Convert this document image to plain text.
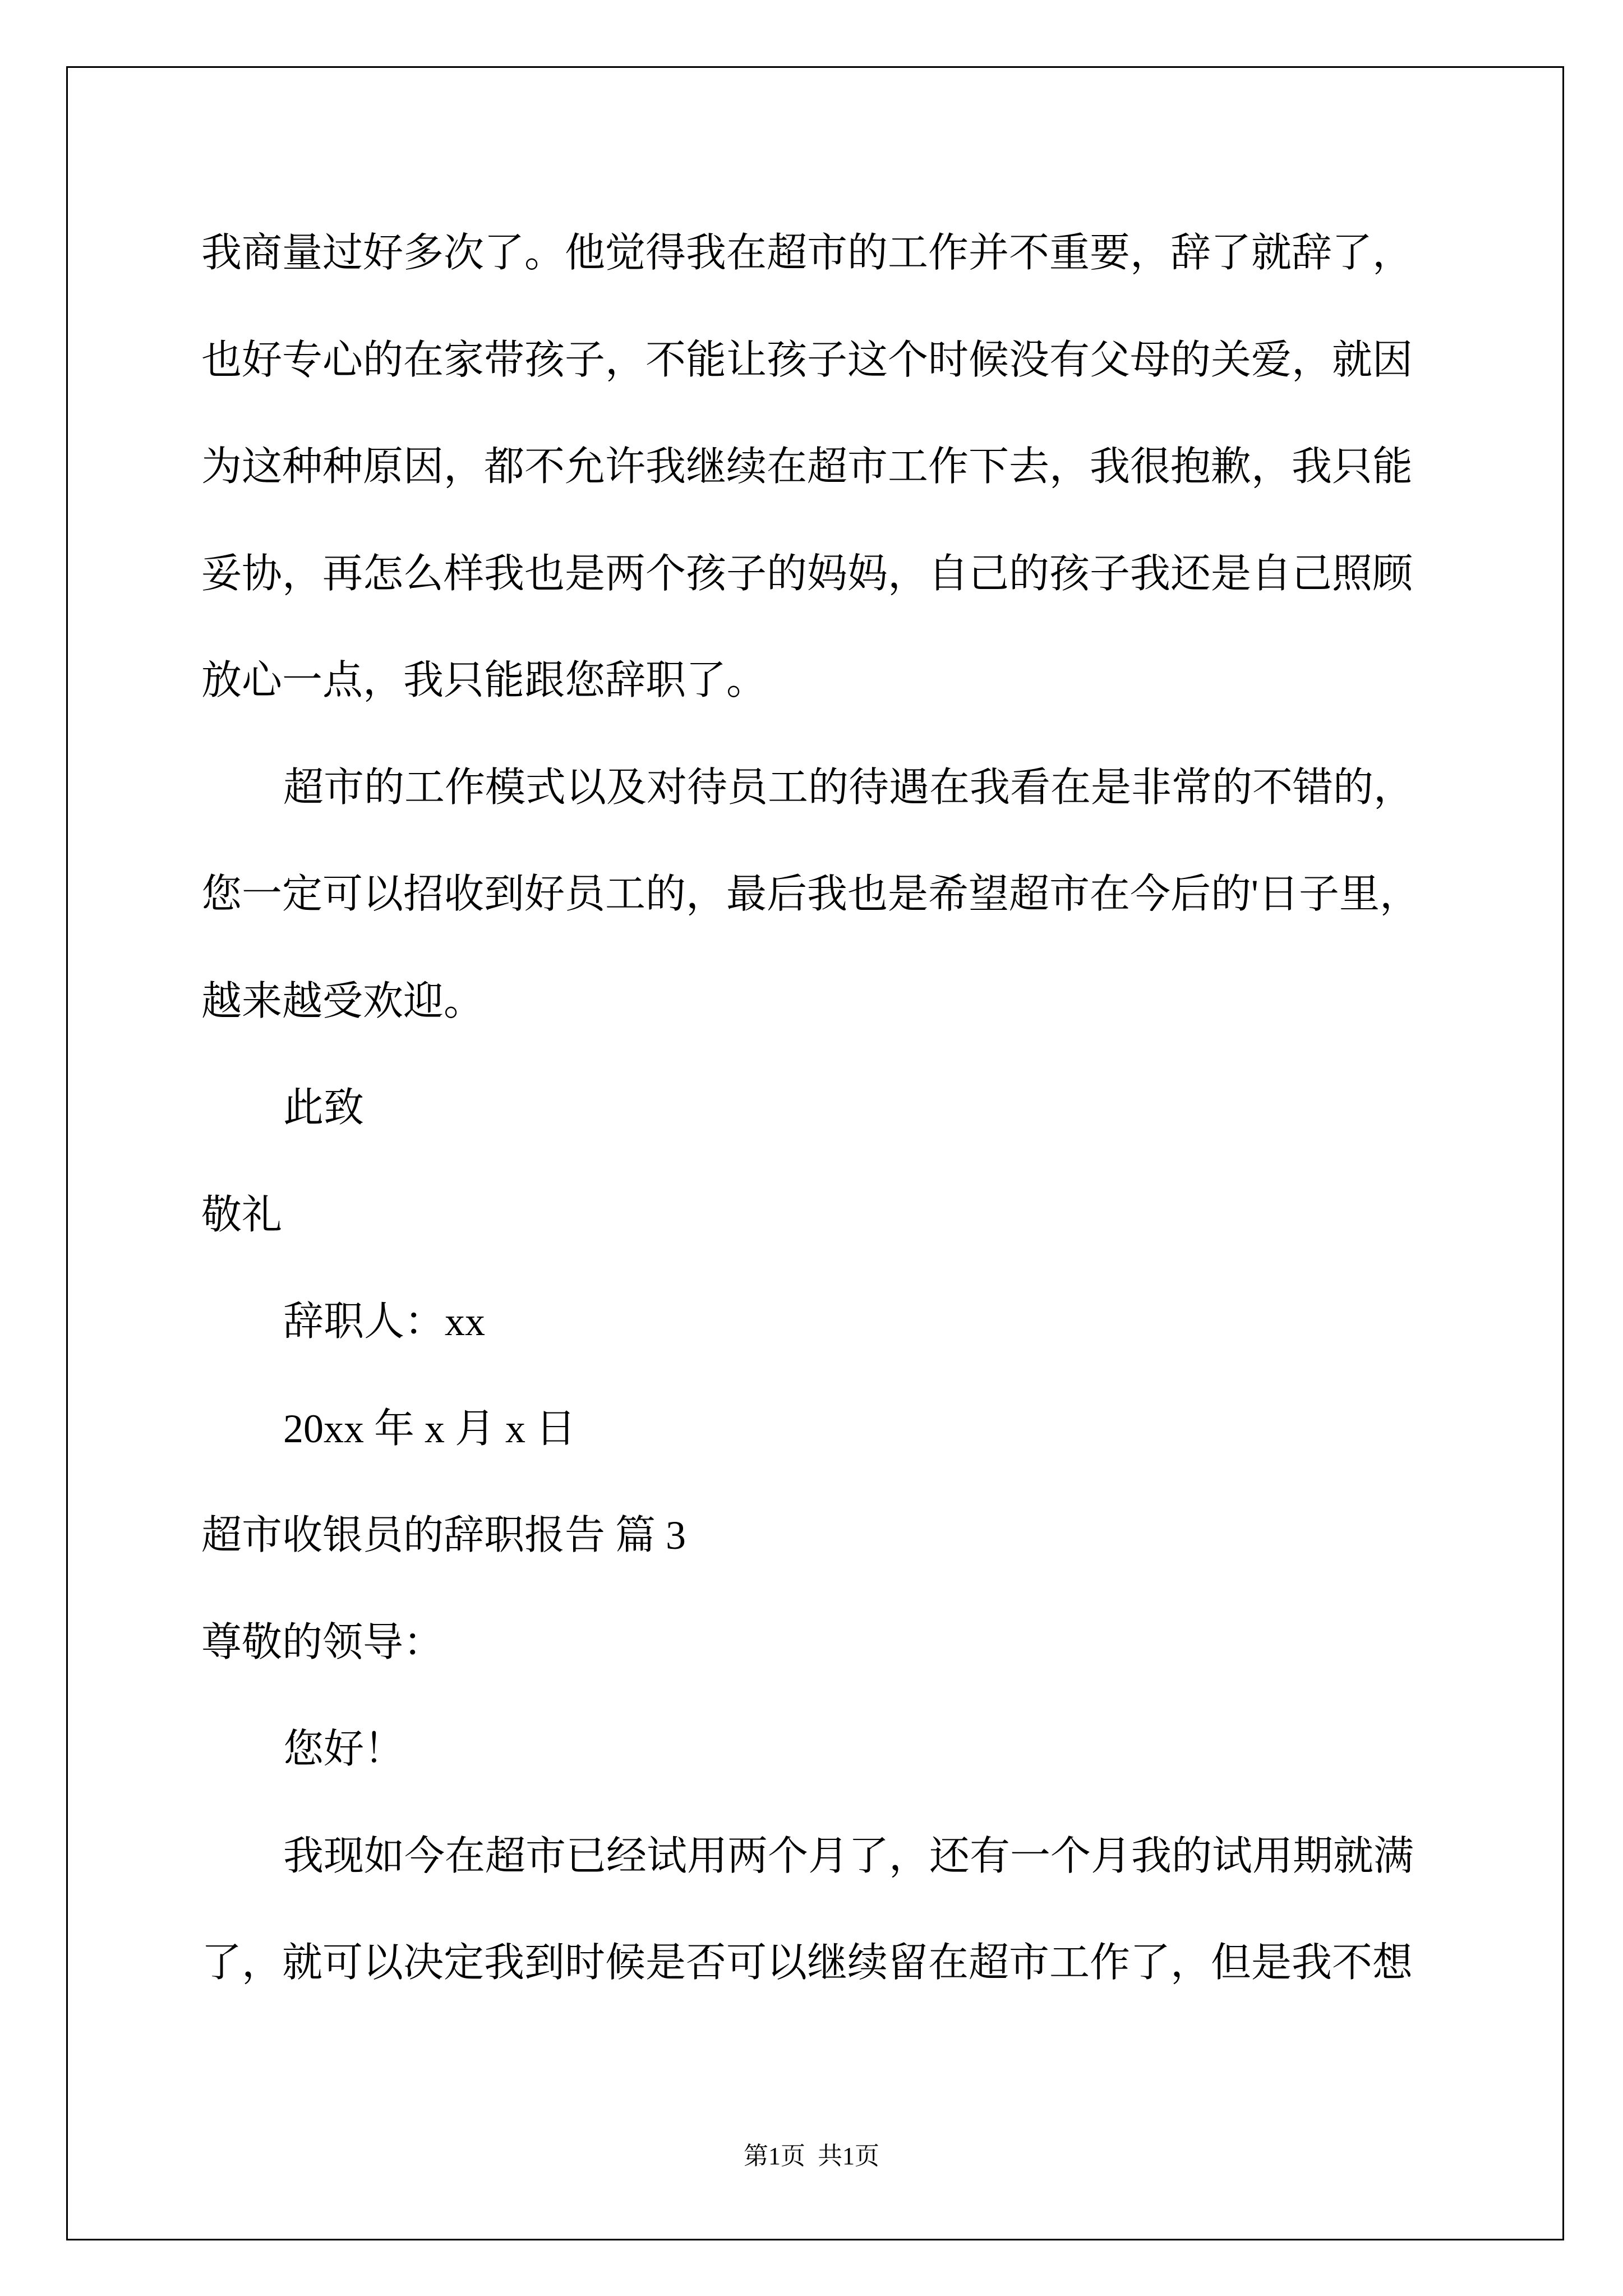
我商量过好多次了。他觉得我在超市的工作并不重要，辞了就辞了，
也好专心的在家带孩子，不能让孩子这个时候没有父母的关爱，就因
为这种种原因，都不允许我继续在超市工作下去，我很抱歉，我只能
妥协，再怎么样我也是两个孩子的妈妈，自己的孩子我还是自己照顾
放心一点，我只能跟您辞职了。
超市的工作模式以及对待员工的待遇在我看在是非常的不错的，
您一定可以招收到好员工的，最后我也是希望超市在今后的'日子里，
越来越受欢迎。
此致
敬礼
辞职人：xx
20xx 年 x 月 x 日
超市收银员的辞职报告 篇 3
尊敬的领导：
您好！
我现如今在超市已经试用两个月了，还有一个月我的试用期就满
了，就可以决定我到时候是否可以继续留在超市工作了，但是我不想
第1页  共1页
